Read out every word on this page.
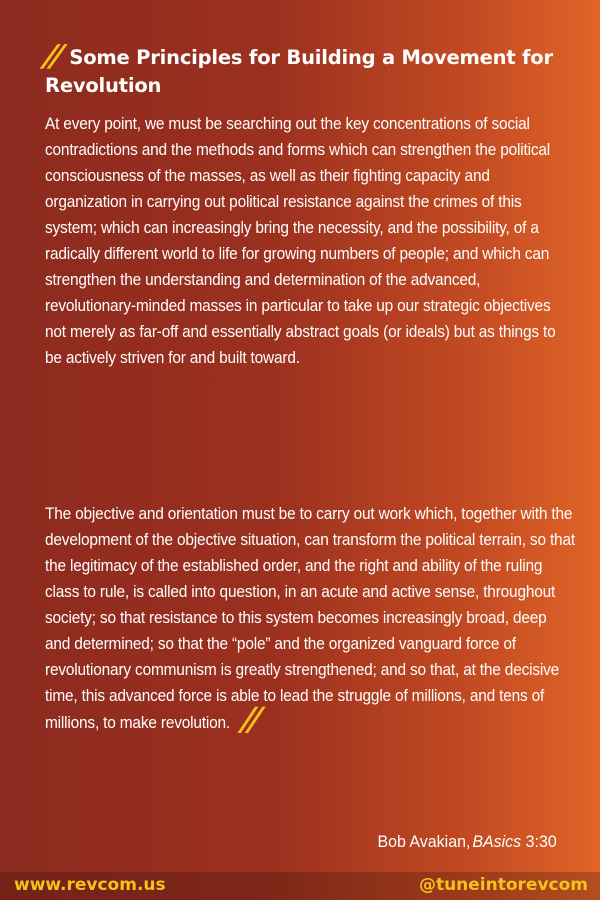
// Some Principles for Building a Movement for Revolution

At every point, we must be searching out the key concentrations of social contradictions and the methods and forms which can strengthen the political consciousness of the masses, as well as their fighting capacity and organization in carrying out political resistance against the crimes of this system; which can increasingly bring the necessity, and the possibility, of a radically different world to life for growing numbers of people; and which can strengthen the understanding and determination of the advanced, revolutionary-minded masses in particular to take up our strategic objectives not merely as far-off and essentially abstract goals (or ideals) but as things to be actively striven for and built toward.

The objective and orientation must be to carry out work which, together with the development of the objective situation, can transform the political terrain, so that the legitimacy of the established order, and the right and ability of the ruling class to rule, is called into question, in an acute and active sense, throughout society; so that resistance to this system becomes increasingly broad, deep and determined; so that the “pole” and the organized vanguard force of revolutionary communism is greatly strengthened; and so that, at the decisive time, this advanced force is able to lead the struggle of millions, and tens of millions, to make revolution. //

Bob Avakian, BAsics 3:30
www.revcom.us	@tuneintorevcom
